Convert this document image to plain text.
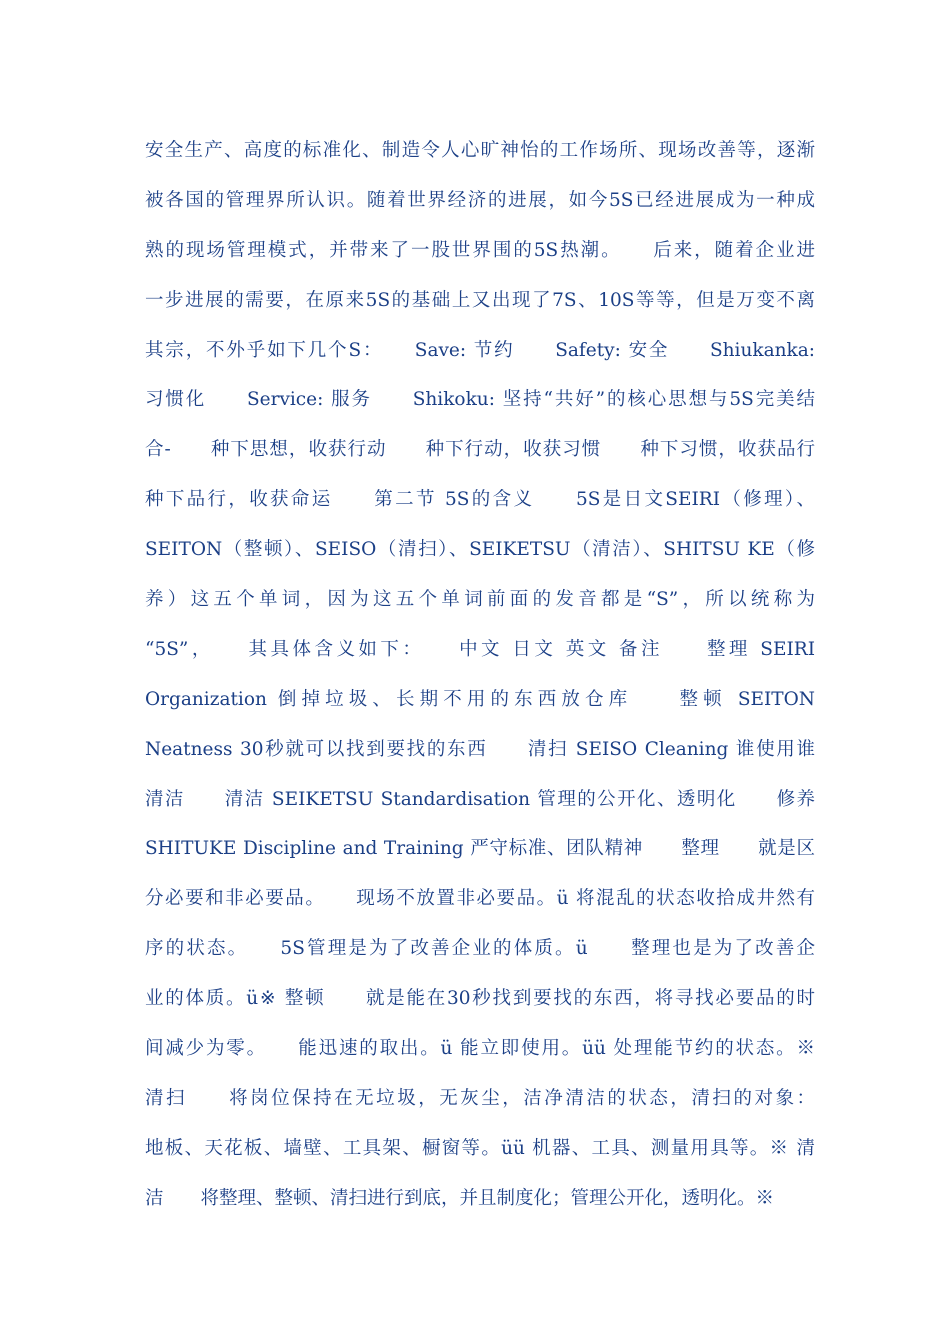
安全生产、高度的标准化、制造令人心旷神怡的工作场所、现场改善等，逐渐
被各国的管理界所认识。随着世界经济的进展，如今5S已经进展成为一种成
熟的现场管理模式，并带来了一股世界围的5S热潮。　　后来，随着企业进
一步进展的需要，在原来5S的基础上又出现了7S、10S等等，但是万变不离
其宗，不外乎如下几个S：　　Save: 节约　　Safety: 安全　　Shiukanka:
习惯化　　Service: 服务　　Shikoku: 坚持“共好”的核心思想与5S完美结
合-　　种下思想，收获行动　　种下行动，收获习惯　　种下习惯，收获品行
种下品行，收获命运　　第二节 5S的含义　　5S是日文SEIRI（修理）、
SEITON（整顿）、SEISO（清扫）、SEIKETSU（清洁）、SHITSU KE（修
养）这五个单词，因为这五个单词前面的发音都是“S”，所以统称为
“5S”，　　其具体含义如下：　　中文 日文 英文 备注　　整理 SEIRI
Organization 倒掉垃圾、长期不用的东西放仓库　　整顿 SEITON
Neatness 30秒就可以找到要找的东西　　清扫 SEISO Cleaning 谁使用谁
清洁　　清洁 SEIKETSU Standardisation 管理的公开化、透明化　　修养
SHITUKE Discipline and Training 严守标准、团队精神　　整理　　就是区
分必要和非必要品。　　现场不放置非必要品。ü 将混乱的状态收拾成井然有
序的状态。　　5S管理是为了改善企业的体质。ü　　整理也是为了改善企
业的体质。ü※ 整顿　　就是能在30秒找到要找的东西，将寻找必要品的时
间减少为零。　　能迅速的取出。ü 能立即使用。üü 处理能节约的状态。※
清扫　　将岗位保持在无垃圾，无灰尘，洁净清洁的状态，清扫的对象：
地板、天花板、墙壁、工具架、橱窗等。üü 机器、工具、测量用具等。※ 清
洁　　将整理、整顿、清扫进行到底，并且制度化；管理公开化，透明化。※
